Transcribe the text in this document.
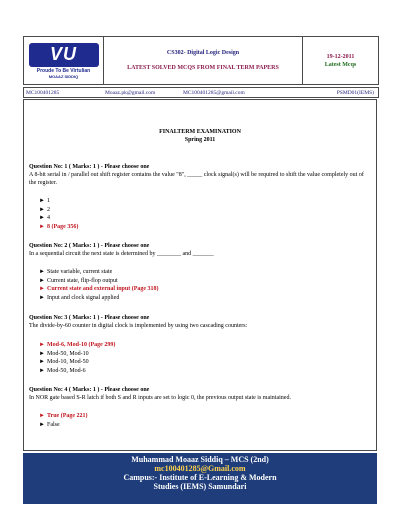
VU
Proude To Be Virtulian
MOAAZ SIDDIQ
CS302- Digital Logic Design
LATEST SOLVED MCQS FROM FINAL TERM PAPERS
19-12-2011
Latest Mcqs
MC100401285	Moaaz.pk@gmail.com	MC100401285@gmail.com	PSMD01(IEMS)
FINALTERM EXAMINATION
Spring 2011
Question No: 1 ( Marks: 1 ) - Please choose one
A 8-bit serial in / parallel out shift register contains the value "8", _____ clock signal(s) will be required to shift the value completely out of the register.
► 1
► 2
► 4
► 8 (Page 356)
Question No: 2 ( Marks: 1 ) - Please choose one
In a sequential circuit the next state is determined by ________ and _______
► State variable, current state
► Current state, flip-flop output
► Current state and external input (Page 318)
► Input and clock signal applied
Question No: 3 ( Marks: 1 ) - Please choose one
The divide-by-60 counter in digital clock is implemented by using two cascading counters:
► Mod-6, Mod-10 (Page 299)
► Mod-50, Mod-10
► Mod-10, Mod-50
► Mod-50, Mod-6
Question No: 4 ( Marks: 1 ) - Please choose one
In NOR gate based S-R latch if both S and R inputs are set to logic 0, the previous output state is maintained.
► True (Page 221)
► False
Muhammad Moaaz Siddiq – MCS (2nd)
mc100401285@Gmail.com
Campus:- Institute of E-Learning & Modern
Studies (IEMS) Samundari
